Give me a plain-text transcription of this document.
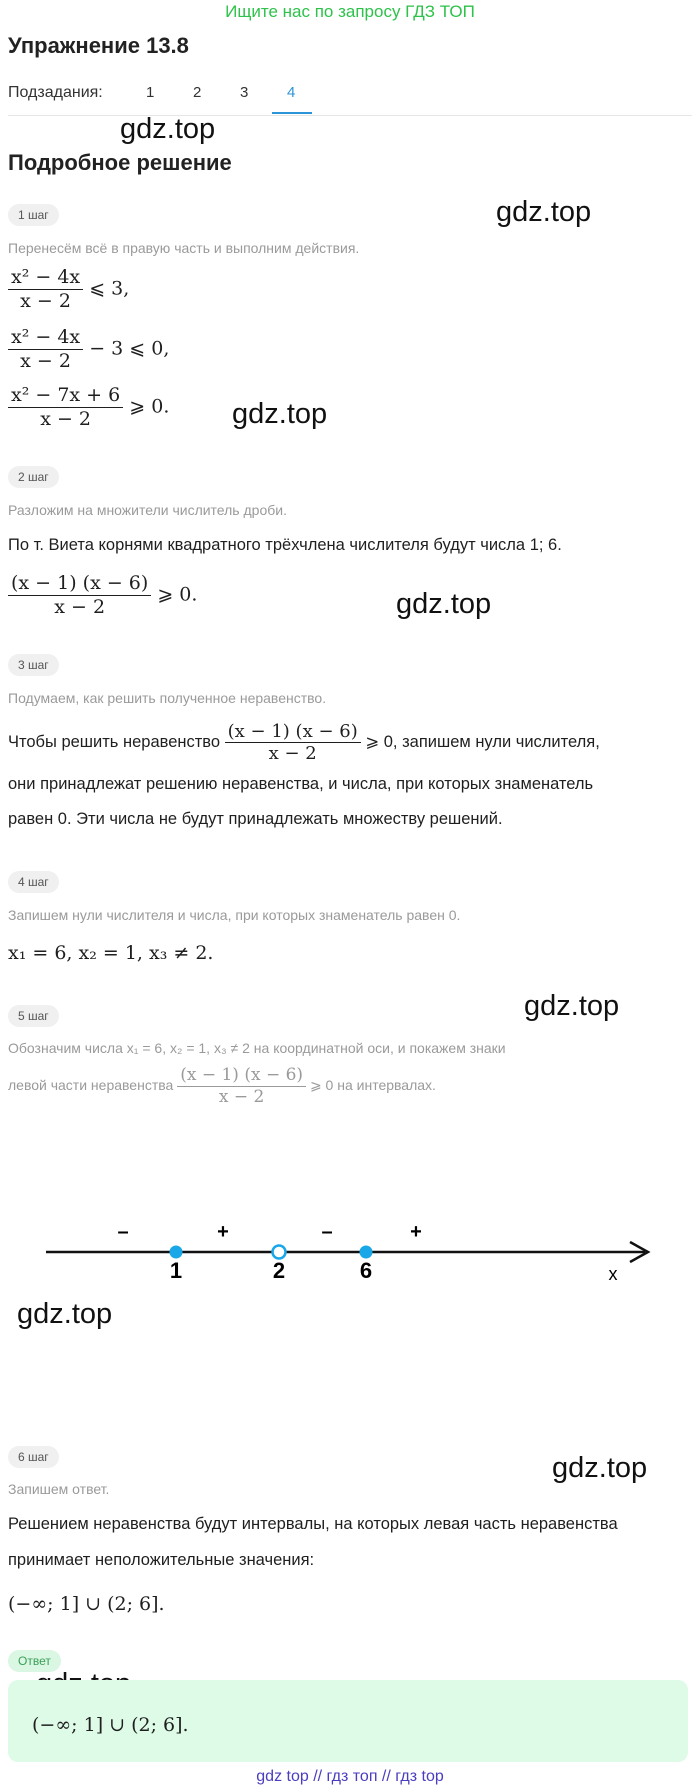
Ищите нас по запросу ГДЗ ТОП
Упражнение 13.8
Подзадания:	1	2	3	4
gdz.top
gdz.top
gdz.top
gdz.top
gdz.top
gdz.top
gdz.top
Подробное решение
1 шаг
Перенесём всё в правую часть и выполним действия.
$\frac{\text{x² − 4x}}{x - 2}$ ⩽ 3,
$\frac{\text{x² − 4x}}{x - 2} - 3$ ⩽ 0,
$\frac{\text{x² − 7x + 6}}{x - 2}$ ⩾ 0.
2 шаг
Разложим на множители числитель дроби.
По т. Виета корнями квадратного трёхчлена числителя будут числа 1; 6.
$\frac{(x - 1) (x - 6)}{x - 2}$ ⩾ 0.
3 шаг
Подумаем, как решить полученное неравенство.
Чтобы решить неравенство $\frac{(x - 1) (x - 6)}{x - 2}$ ⩾ 0, запишем нули числителя,
они принадлежат решению неравенства, и числа, при которых знаменатель
равен 0. Эти числа не будут принадлежать множеству решений.
4 шаг
Запишем нули числителя и числа, при которых знаменатель равен 0.
x₁ = 6, x₂ = 1, x₃ ≠ 2.
5 шаг
Обозначим числа x₁ = 6, x₂ = 1, x₃ ≠ 2 на координатной оси, и покажем знаки
левой части неравенства $\frac{(x - 1) (x - 6)}{x - 2}$ ⩾ 0 на интервалах.
–	+	–	+
1	2	6	x
6 шаг
Запишем ответ.
Решением неравенства будут интервалы, на которых левая часть неравенства
принимает неположительные значения:
(−∞; 1] ∪ (2; 6].
Ответ
(−∞; 1] ∪ (2; 6].
gdz top // гдз топ // гдз top
